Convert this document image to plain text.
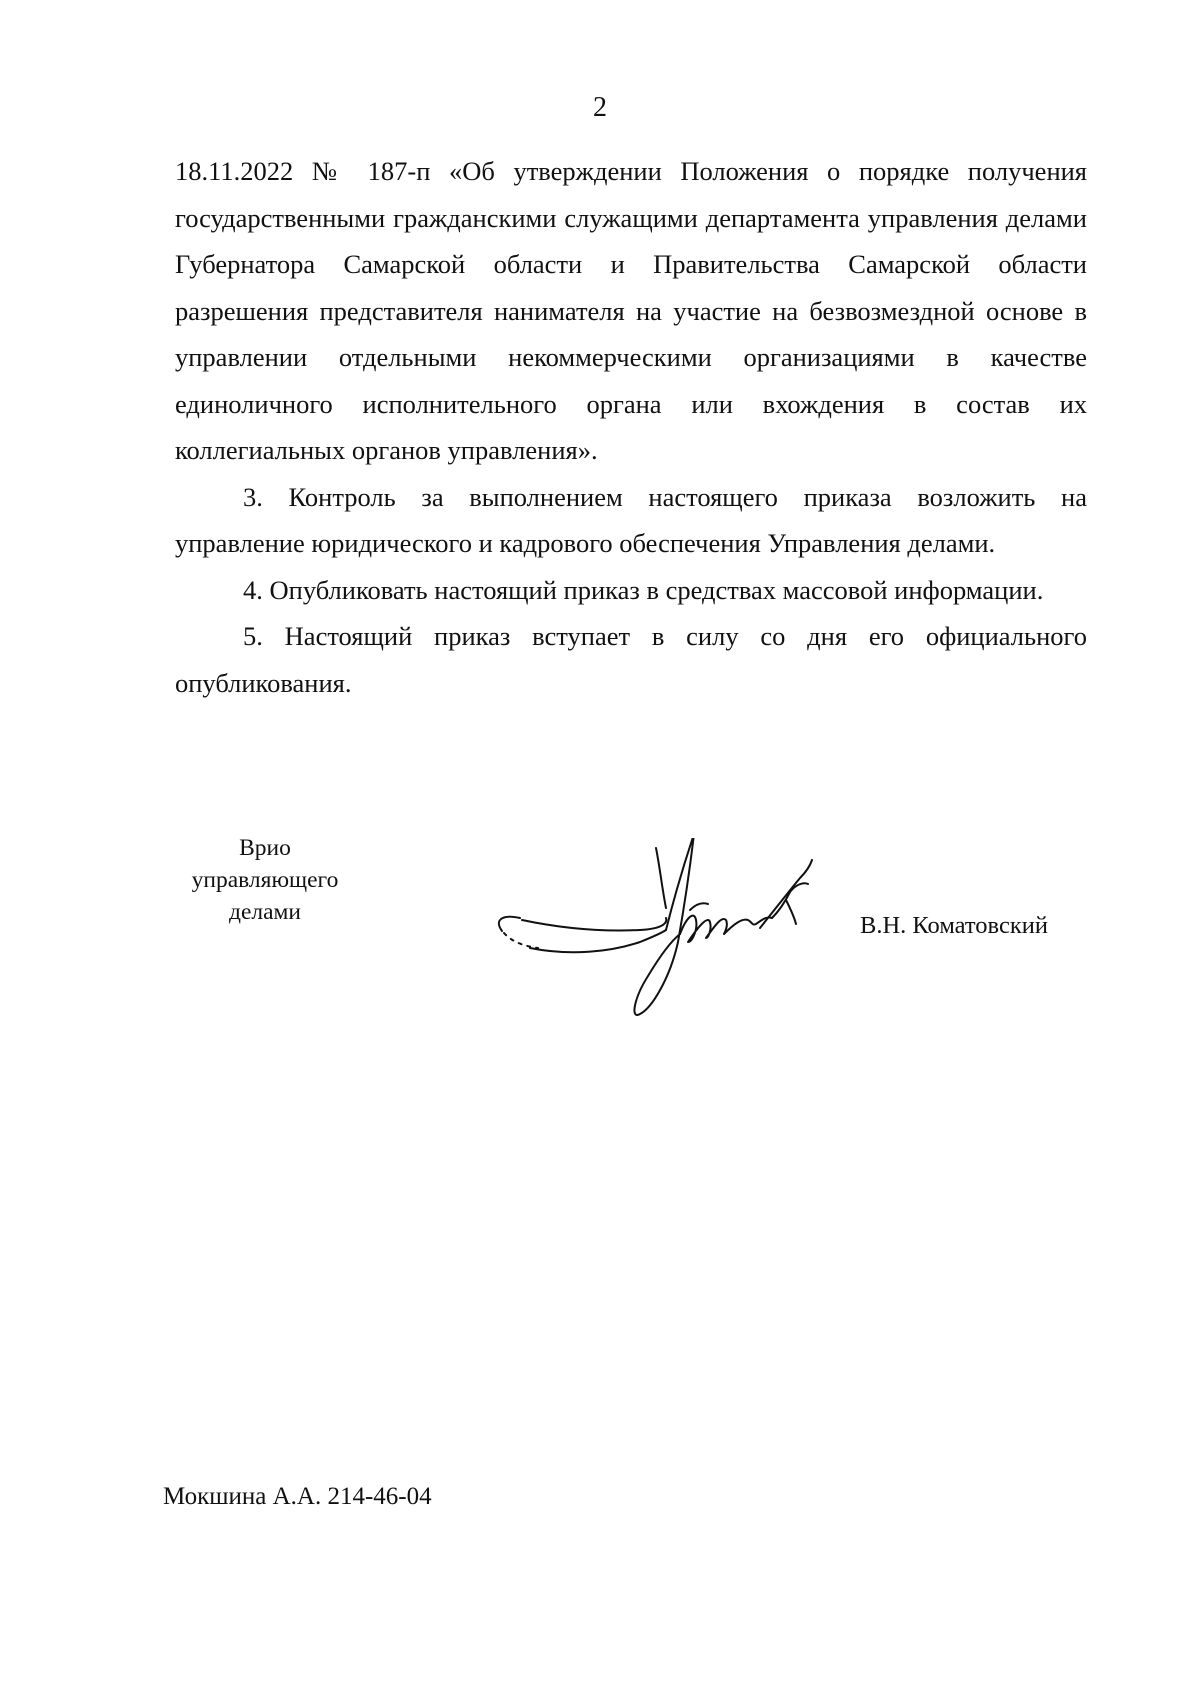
2

18.11.2022 № 187-п «Об утверждении Положения о порядке получения государственными гражданскими служащими департамента управления делами Губернатора Самарской области и Правительства Самарской области разрешения представителя нанимателя на участие на безвозмездной основе в управлении отдельными некоммерческими организациями в качестве единоличного исполнительного органа или вхождения в состав их коллегиальных органов управления».

3. Контроль за выполнением настоящего приказа возложить на управление юридического и кадрового обеспечения Управления делами.

4. Опубликовать настоящий приказ в средствах массовой информации.

5. Настоящий приказ вступает в силу со дня его официального опубликования.

Врио
управляющего
делами	В.Н. Коматовский
Мокшина А.А. 214-46-04
